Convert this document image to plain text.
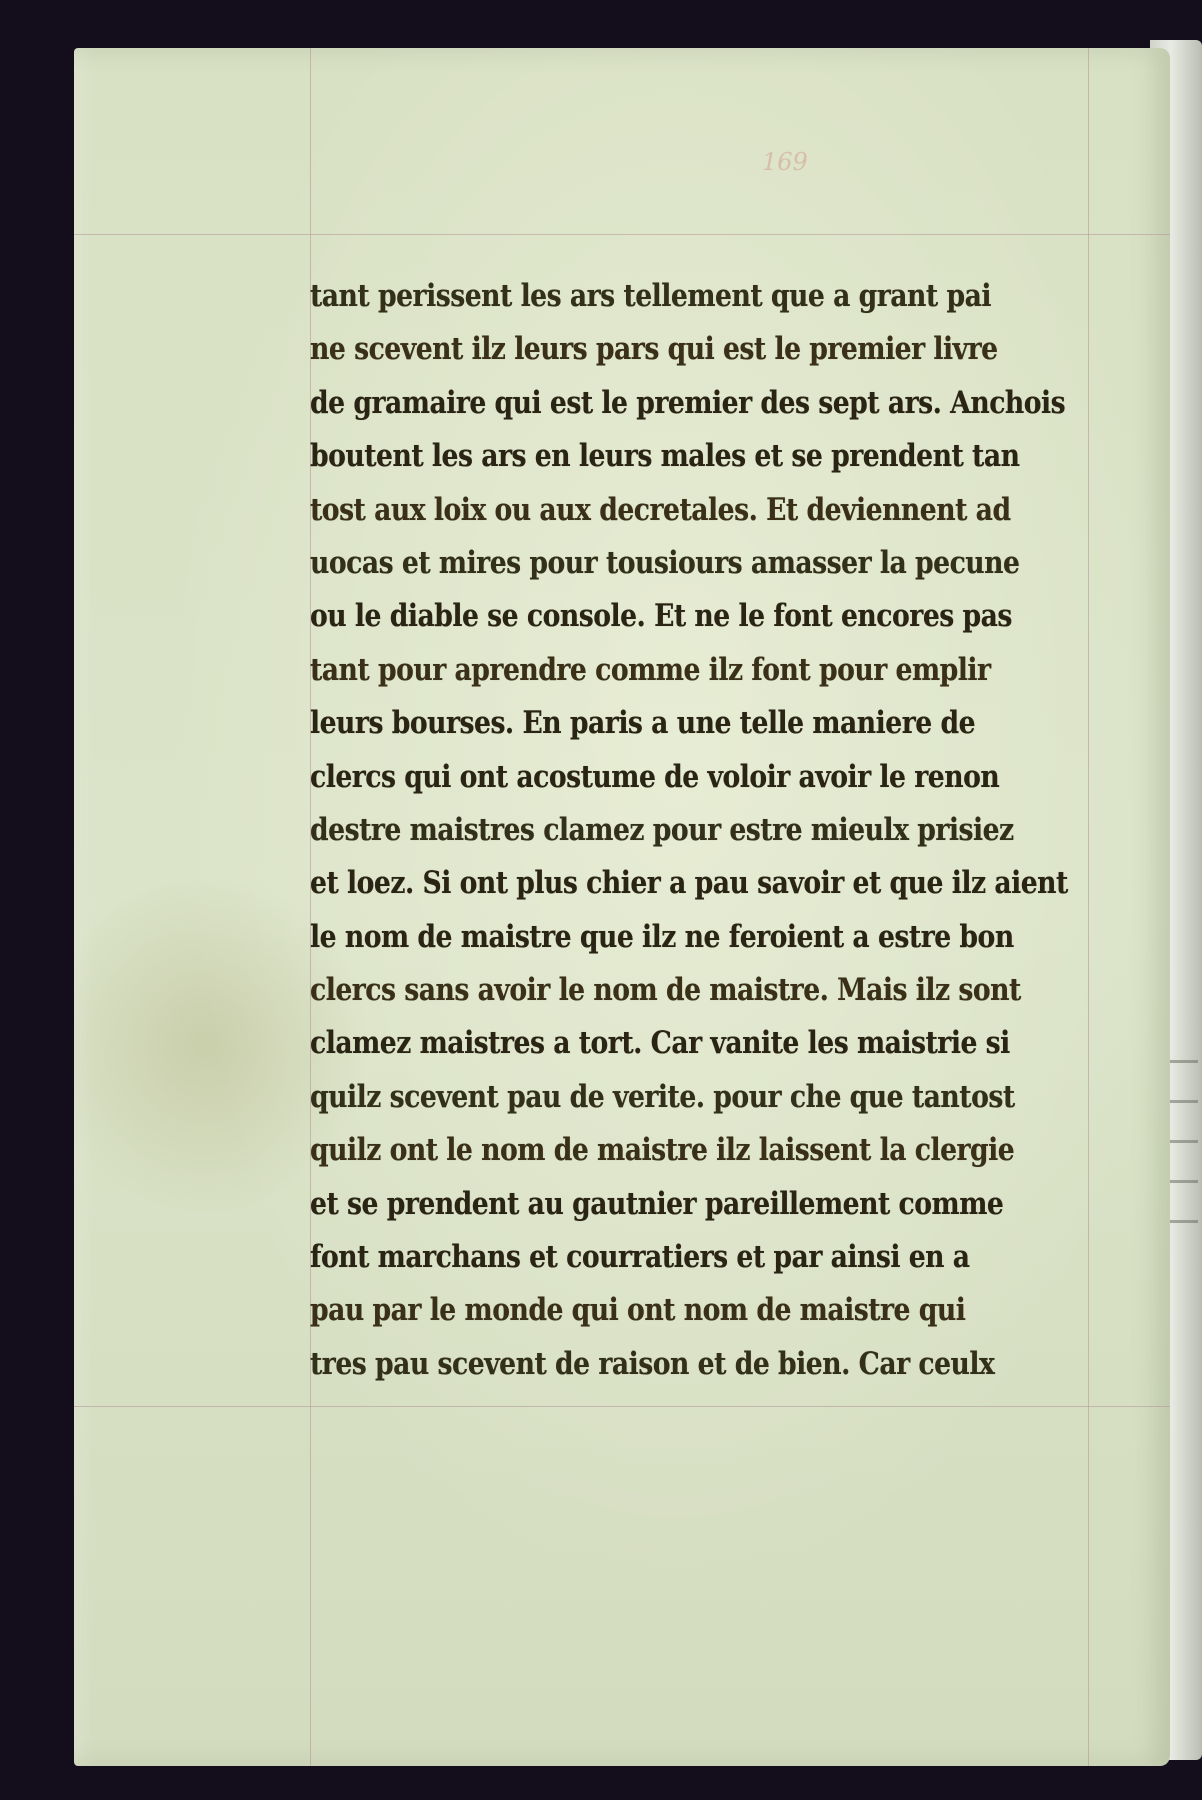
169
tant perissent les ars tellement que a grant pai
ne scevent ilz leurs pars qui est le premier livre
de gramaire qui est le premier des sept ars. Anchois
boutent les ars en leurs males et se prendent tan
tost aux loix ou aux decretales. Et deviennent ad
uocas et mires pour tousiours amasser la pecune
ou le diable se console. Et ne le font encores pas
tant pour aprendre comme ilz font pour emplir
leurs bourses. En paris a une telle maniere de
clercs qui ont acostume de voloir avoir le renon
destre maistres clamez pour estre mieulx prisiez
et loez. Si ont plus chier a pau savoir et que ilz aient
le nom de maistre que ilz ne feroient a estre bon
clercs sans avoir le nom de maistre. Mais ilz sont
clamez maistres a tort. Car vanite les maistrie si
quilz scevent pau de verite. pour che que tantost
quilz ont le nom de maistre ilz laissent la clergie
et se prendent au gautnier pareillement comme
font marchans et courratiers et par ainsi en a
pau par le monde qui ont nom de maistre qui
tres pau scevent de raison et de bien. Car ceulx
